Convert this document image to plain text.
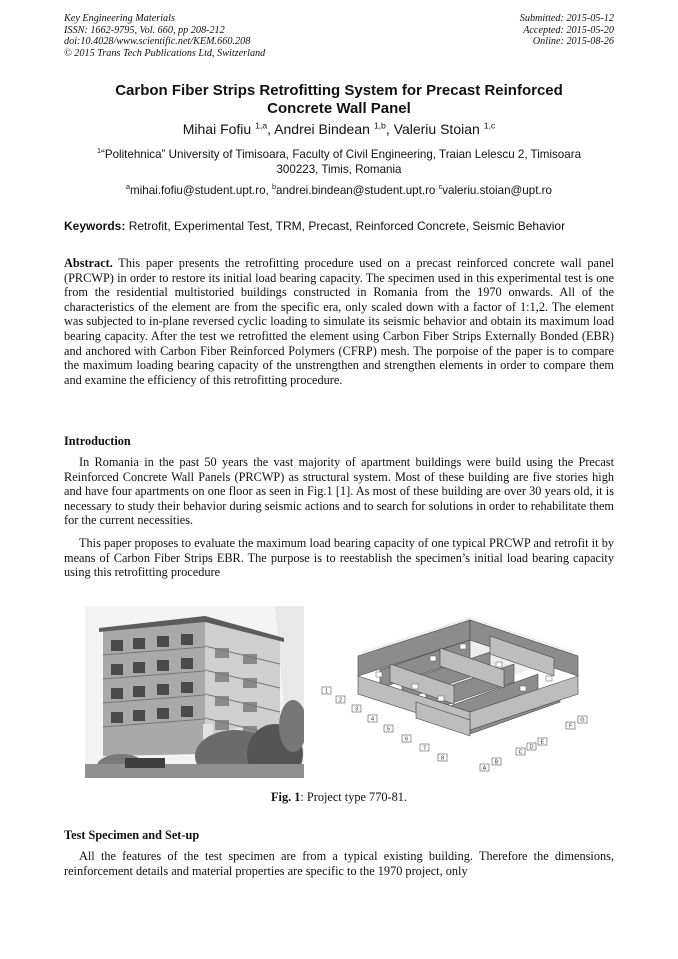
Key Engineering Materials
ISSN: 1662-9795, Vol. 660, pp 208-212
doi:10.4028/www.scientific.net/KEM.660.208
© 2015 Trans Tech Publications Ltd, Switzerland
Submitted: 2015-05-12
Accepted: 2015-05-20
Online: 2015-08-26
Carbon Fiber Strips Retrofitting System for Precast Reinforced
Concrete Wall Panel
Mihai Fofiu $^{1,a}$, Andrei Bindean $^{1,b}$, Valeriu Stoian $^{1,c}$
$^1$“Politehnica” University of Timisoara, Faculty of Civil Engineering, Traian Lelescu 2, Timisoara
300223, Timis, Romania
$^a$mihai.fofiu@student.upt.ro, $^b$andrei.bindean@student.upt.ro $^c$valeriu.stoian@upt.ro
Keywords: Retrofit, Experimental Test, TRM, Precast, Reinforced Concrete, Seismic Behavior
Abstract. This paper presents the retrofitting procedure used on a precast reinforced concrete wall panel (PRCWP) in order to restore its initial load bearing capacity. The specimen used in this experimental test is one from the residential multistoried buildings constructed in Romania from the 1970 onwards. All of the characteristics of the element are from the specific era, only scaled down with a factor of 1:1,2. The element was subjected to in-plane reversed cyclic loading to simulate its seismic behavior and obtain its maximum load bearing capacity. After the test we retrofitted the element using Carbon Fiber Strips Externally Bonded (EBR) and anchored with Carbon Fiber Reinforced Polymers (CFRP) mesh. The porpoise of the paper is to compare the maximum loading bearing capacity of the unstrengthen and strengthen elements in order to compare them and examine the efficiency of this retrofitting procedure.
Introduction
In Romania in the past 50 years the vast majority of apartment buildings were build using the Precast Reinforced Concrete Wall Panels (PRCWP) as structural system. Most of these building are five stories high and have four apartments on one floor as seen in Fig.1 [1]. As most of these building are over 30 years old, it is necessary to study their behavior during seismic actions and to search for solutions in order to rehabilitate them for the current necessities.
This paper proposes to evaluate the maximum load bearing capacity of one typical PRCWP and retrofit it by means of Carbon Fiber Strips EBR. The purpose is to reestablish the specimen’s initial load bearing capacity using this retrofitting procedure
1
2
3
4
5
6
7
8
A
B
C
D
E
F
G
Fig. 1: Project type 770-81.
Test Specimen and Set-up
All the features of the test specimen are from a typical existing building. Therefore the dimensions, reinforcement details and material properties are specific to the 1970 project, only
